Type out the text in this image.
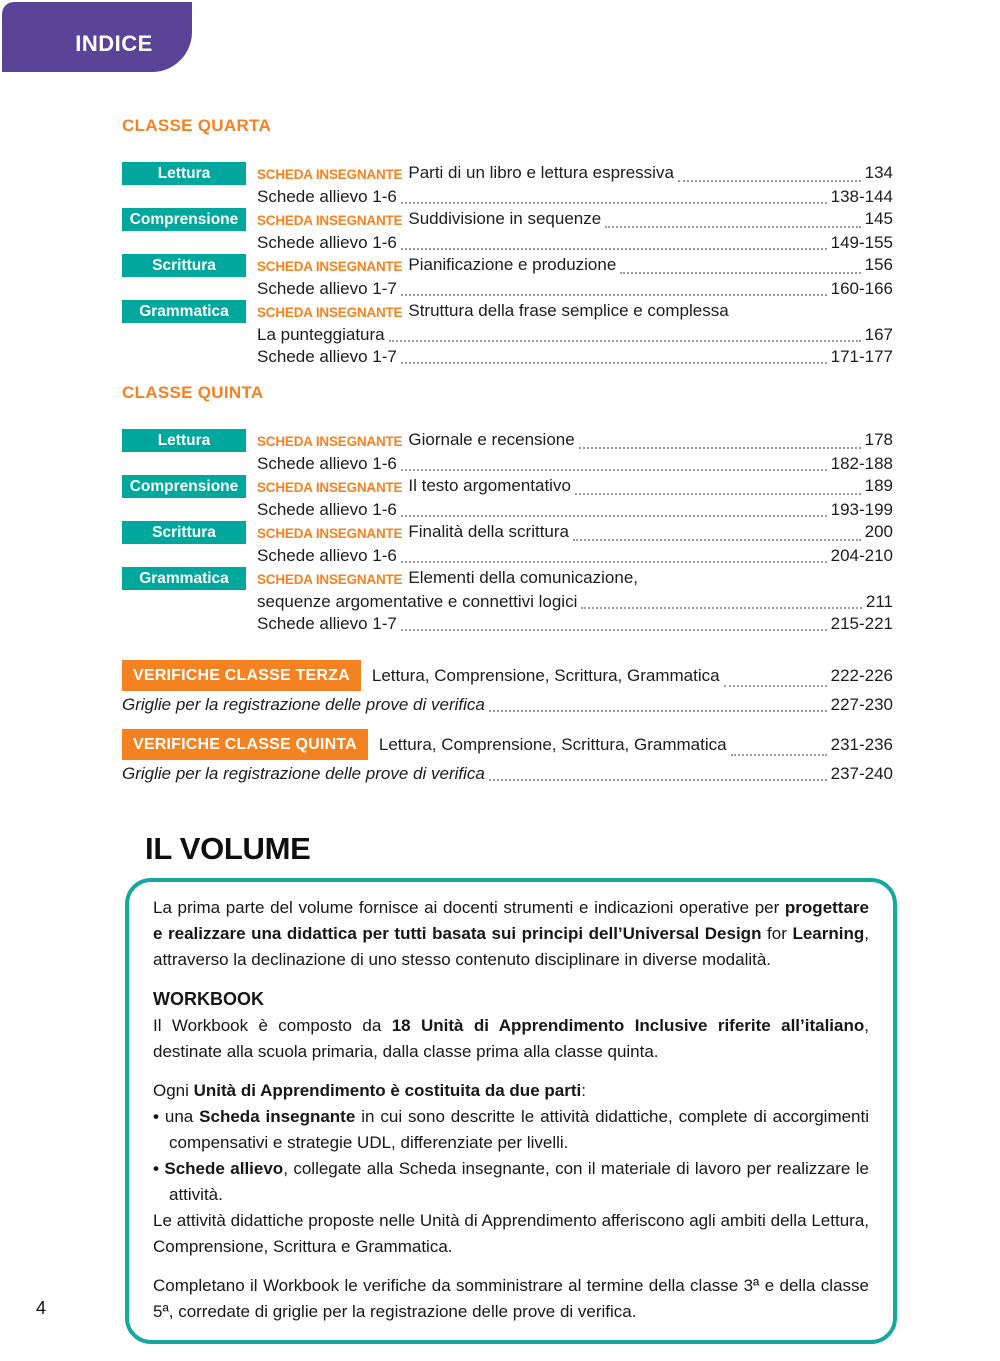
INDICE
CLASSE QUARTA
Lettura	SCHEDA INSEGNANTE Parti di un libro e lettura espressiva	134
Schede allievo 1-6	138-144
Comprensione	SCHEDA INSEGNANTE Suddivisione in sequenze	145
Schede allievo 1-6	149-155
Scrittura	SCHEDA INSEGNANTE Pianificazione e produzione	156
Schede allievo 1-7	160-166
Grammatica	SCHEDA INSEGNANTE Struttura della frase semplice e complessa
La punteggiatura	167
Schede allievo 1-7	171-177
CLASSE QUINTA
Lettura	SCHEDA INSEGNANTE Giornale e recensione	178
Schede allievo 1-6	182-188
Comprensione	SCHEDA INSEGNANTE Il testo argomentativo	189
Schede allievo 1-6	193-199
Scrittura	SCHEDA INSEGNANTE Finalità della scrittura	200
Schede allievo 1-6	204-210
Grammatica	SCHEDA INSEGNANTE Elementi della comunicazione,
sequenze argomentative e connettivi logici	211
Schede allievo 1-7	215-221
VERIFICHE CLASSE TERZA	Lettura, Comprensione, Scrittura, Grammatica	222-226
Griglie per la registrazione delle prove di verifica	227-230
VERIFICHE CLASSE QUINTA	Lettura, Comprensione, Scrittura, Grammatica	231-236
Griglie per la registrazione delle prove di verifica	237-240
IL VOLUME

La prima parte del volume fornisce ai docenti strumenti e indicazioni operative per progettare e realizzare una didattica per tutti basata sui principi dell’Universal Design for Learning, attraverso la declinazione di uno stesso contenuto disciplinare in diverse modalità.

WORKBOOK

Il Workbook è composto da 18 Unità di Apprendimento Inclusive riferite all’italiano, destinate alla scuola primaria, dalla classe prima alla classe quinta.

Ogni Unità di Apprendimento è costituita da due parti:

• una Scheda insegnante in cui sono descritte le attività didattiche, complete di accorgimenti compensativi e strategie UDL, differenziate per livelli.

• Schede allievo, collegate alla Scheda insegnante, con il materiale di lavoro per realizzare le attività.

Le attività didattiche proposte nelle Unità di Apprendimento afferiscono agli ambiti della Lettura, Comprensione, Scrittura e Grammatica.

Completano il Workbook le verifiche da somministrare al termine della classe 3ª e della classe 5ª, corredate di griglie per la registrazione delle prove di verifica.

4
